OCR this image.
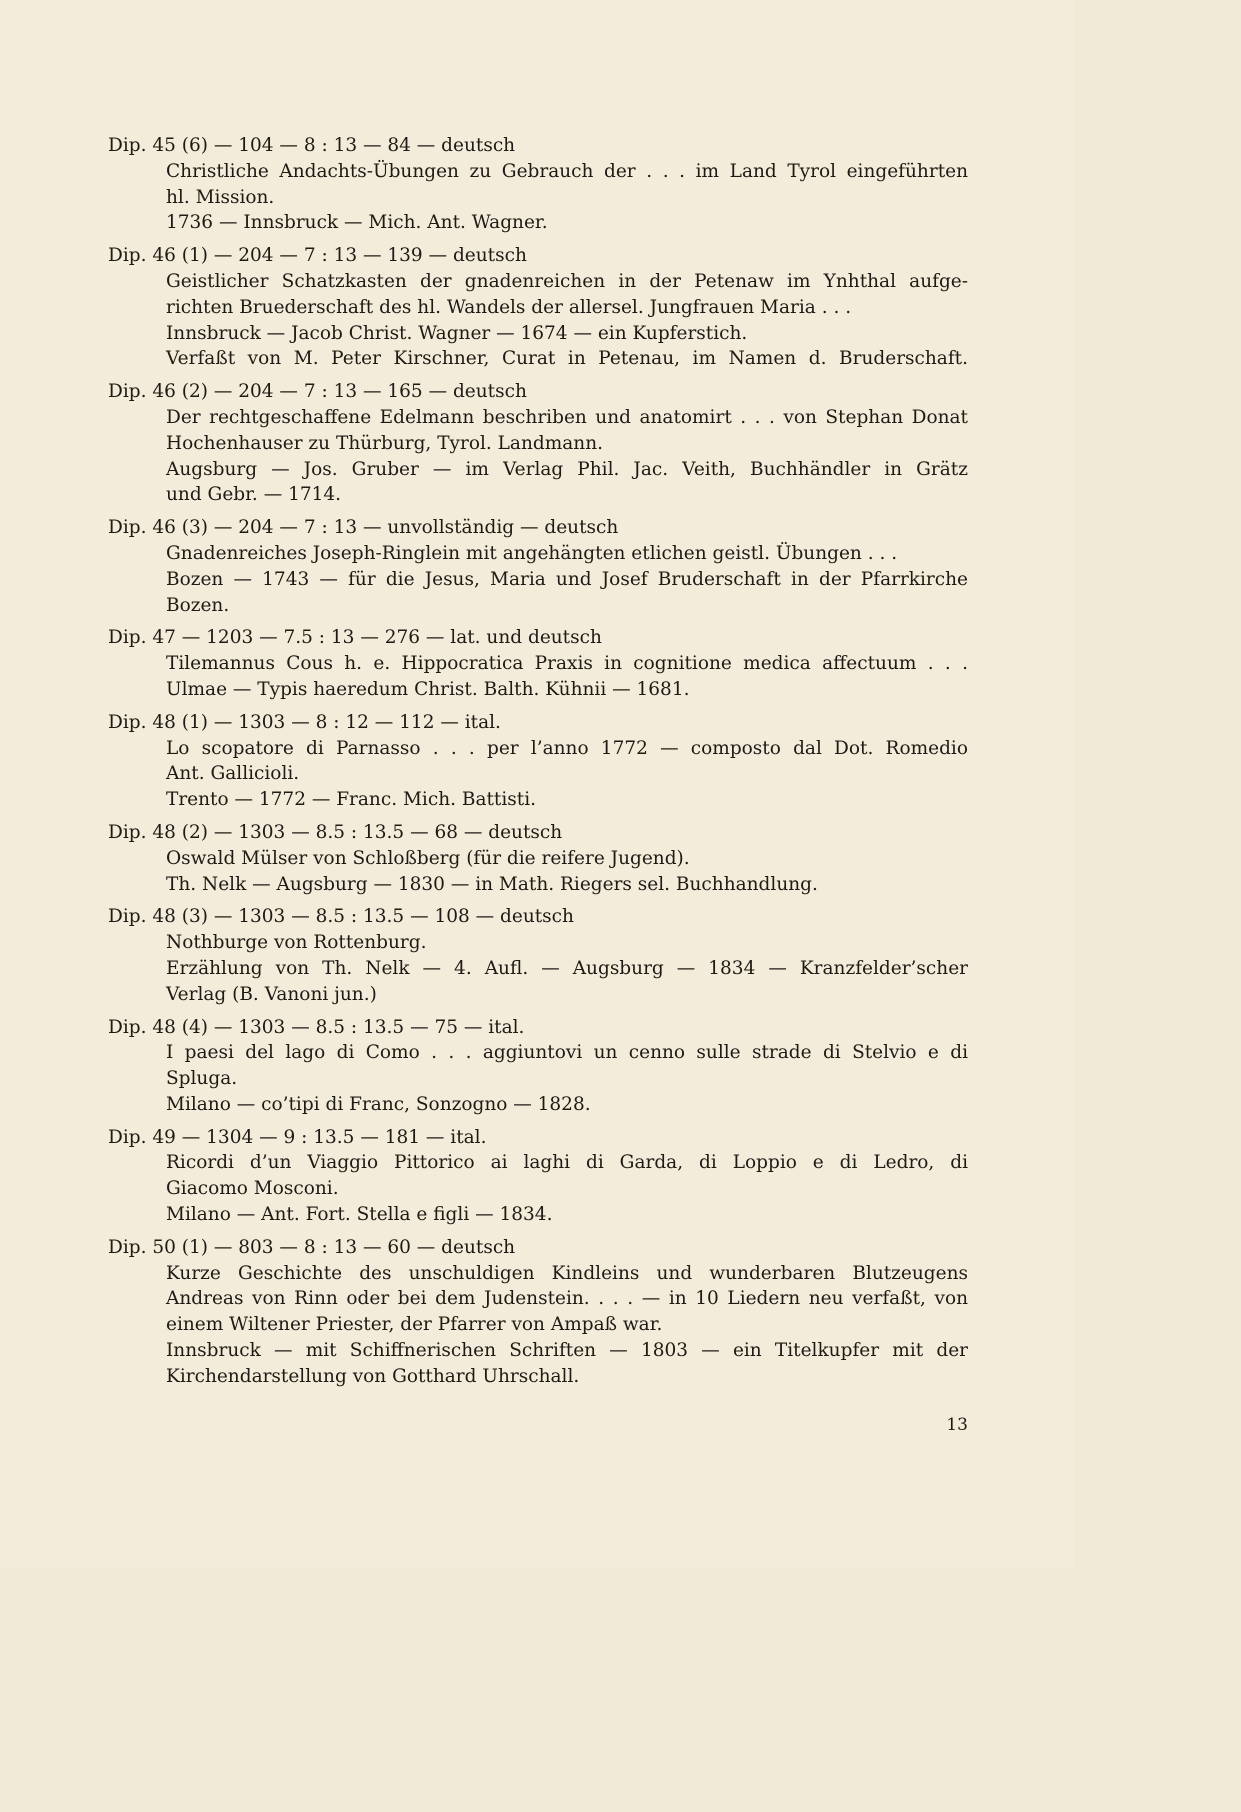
Dip. 45 (6) — 104 — 8 : 13 — 84 — deutsch
Christliche Andachts-Übungen zu Gebrauch der . . . im Land Tyrol eingeführten
hl. Mission.
1736 — Innsbruck — Mich. Ant. Wagner.
Dip. 46 (1) — 204 — 7 : 13 — 139 — deutsch
Geistlicher Schatzkasten der gnadenreichen in der Petenaw im Ynhthal aufge-
richten Bruederschaft des hl. Wandels der allersel. Jungfrauen Maria . . .
Innsbruck — Jacob Christ. Wagner — 1674 — ein Kupferstich.
Verfaßt von M. Peter Kirschner, Curat in Petenau, im Namen d. Bruderschaft.
Dip. 46 (2) — 204 — 7 : 13 — 165 — deutsch
Der rechtgeschaffene Edelmann beschriben und anatomirt . . . von Stephan Donat
Hochenhauser zu Thürburg, Tyrol. Landmann.
Augsburg — Jos. Gruber — im Verlag Phil. Jac. Veith, Buchhändler in Grätz
und Gebr. — 1714.
Dip. 46 (3) — 204 — 7 : 13 — unvollständig — deutsch
Gnadenreiches Joseph-Ringlein mit angehängten etlichen geistl. Übungen . . .
Bozen — 1743 — für die Jesus, Maria und Josef Bruderschaft in der Pfarrkirche
Bozen.
Dip. 47 — 1203 — 7.5 : 13 — 276 — lat. und deutsch
Tilemannus Cous h. e. Hippocratica Praxis in cognitione medica affectuum . . .
Ulmae — Typis haeredum Christ. Balth. Kühnii — 1681.
Dip. 48 (1) — 1303 — 8 : 12 — 112 — ital.
Lo scopatore di Parnasso . . . per l’anno 1772 — composto dal Dot. Romedio
Ant. Gallicioli.
Trento — 1772 — Franc. Mich. Battisti.
Dip. 48 (2) — 1303 — 8.5 : 13.5 — 68 — deutsch
Oswald Mülser von Schloßberg (für die reifere Jugend).
Th. Nelk — Augsburg — 1830 — in Math. Riegers sel. Buchhandlung.
Dip. 48 (3) — 1303 — 8.5 : 13.5 — 108 — deutsch
Nothburge von Rottenburg.
Erzählung von Th. Nelk — 4. Aufl. — Augsburg — 1834 — Kranzfelder’scher
Verlag (B. Vanoni jun.)
Dip. 48 (4) — 1303 — 8.5 : 13.5 — 75 — ital.
I paesi del lago di Como . . . aggiuntovi un cenno sulle strade di Stelvio e di
Spluga.
Milano — co’tipi di Franc, Sonzogno — 1828.
Dip. 49 — 1304 — 9 : 13.5 — 181 — ital.
Ricordi d’un Viaggio Pittorico ai laghi di Garda, di Loppio e di Ledro, di
Giacomo Mosconi.
Milano — Ant. Fort. Stella e figli — 1834.
Dip. 50 (1) — 803 — 8 : 13 — 60 — deutsch
Kurze Geschichte des unschuldigen Kindleins und wunderbaren Blutzeugens
Andreas von Rinn oder bei dem Judenstein. . . . — in 10 Liedern neu verfaßt, von
einem Wiltener Priester, der Pfarrer von Ampaß war.
Innsbruck — mit Schiffnerischen Schriften — 1803 — ein Titelkupfer mit der
Kirchendarstellung von Gotthard Uhrschall.
13
